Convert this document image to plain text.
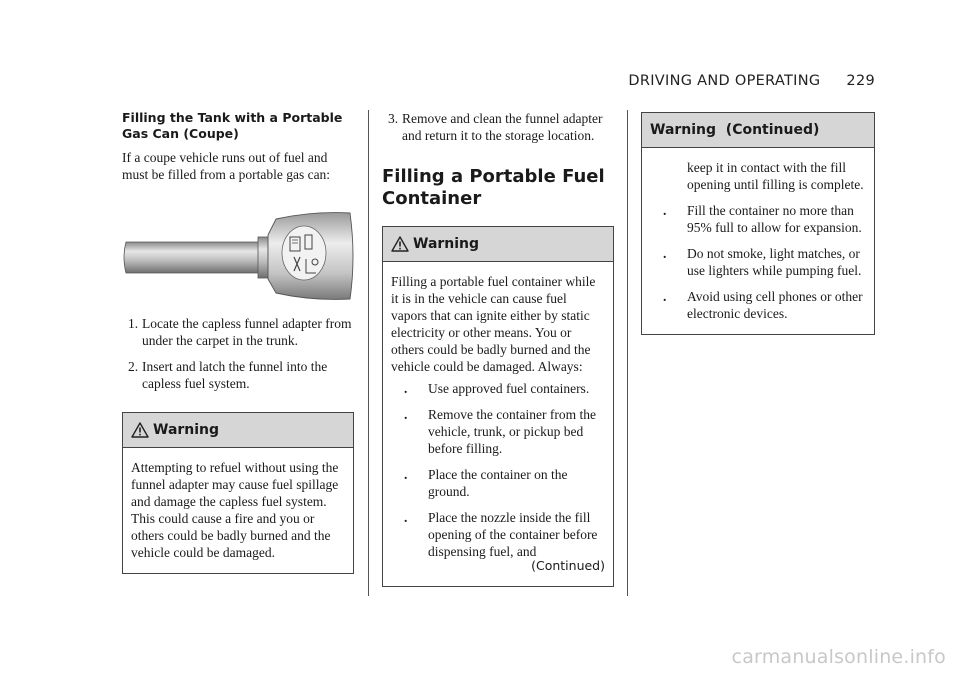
DRIVING AND OPERATING 229
Filling the Tank with a Portable Gas Can (Coupe)

If a coupe vehicle runs out of fuel and must be filled from a portable gas can:

1. Locate the capless funnel adapter from under the carpet in the trunk.
2. Insert and latch the funnel into the capless fuel system.
Warning
Attempting to refuel without using the funnel adapter may cause fuel spillage and damage the capless fuel system. This could cause a fire and you or others could be badly burned and the vehicle could be damaged.
3. Remove and clean the funnel adapter and return it to the storage location.
Filling a Portable Fuel Container
Warning
Filling a portable fuel container while it is in the vehicle can cause fuel vapors that can ignite either by static electricity or other means. You or others could be badly burned and the vehicle could be damaged. Always:
. Use approved fuel containers.
. Remove the container from the vehicle, trunk, or pickup bed before filling.
. Place the container on the ground.
. Place the nozzle inside the fill opening of the container before dispensing fuel, and
(Continued)
Warning  (Continued)
keep it in contact with the fill opening until filling is complete.
. Fill the container no more than 95% full to allow for expansion.
. Do not smoke, light matches, or use lighters while pumping fuel.
. Avoid using cell phones or other electronic devices.
carmanualsonline.info
